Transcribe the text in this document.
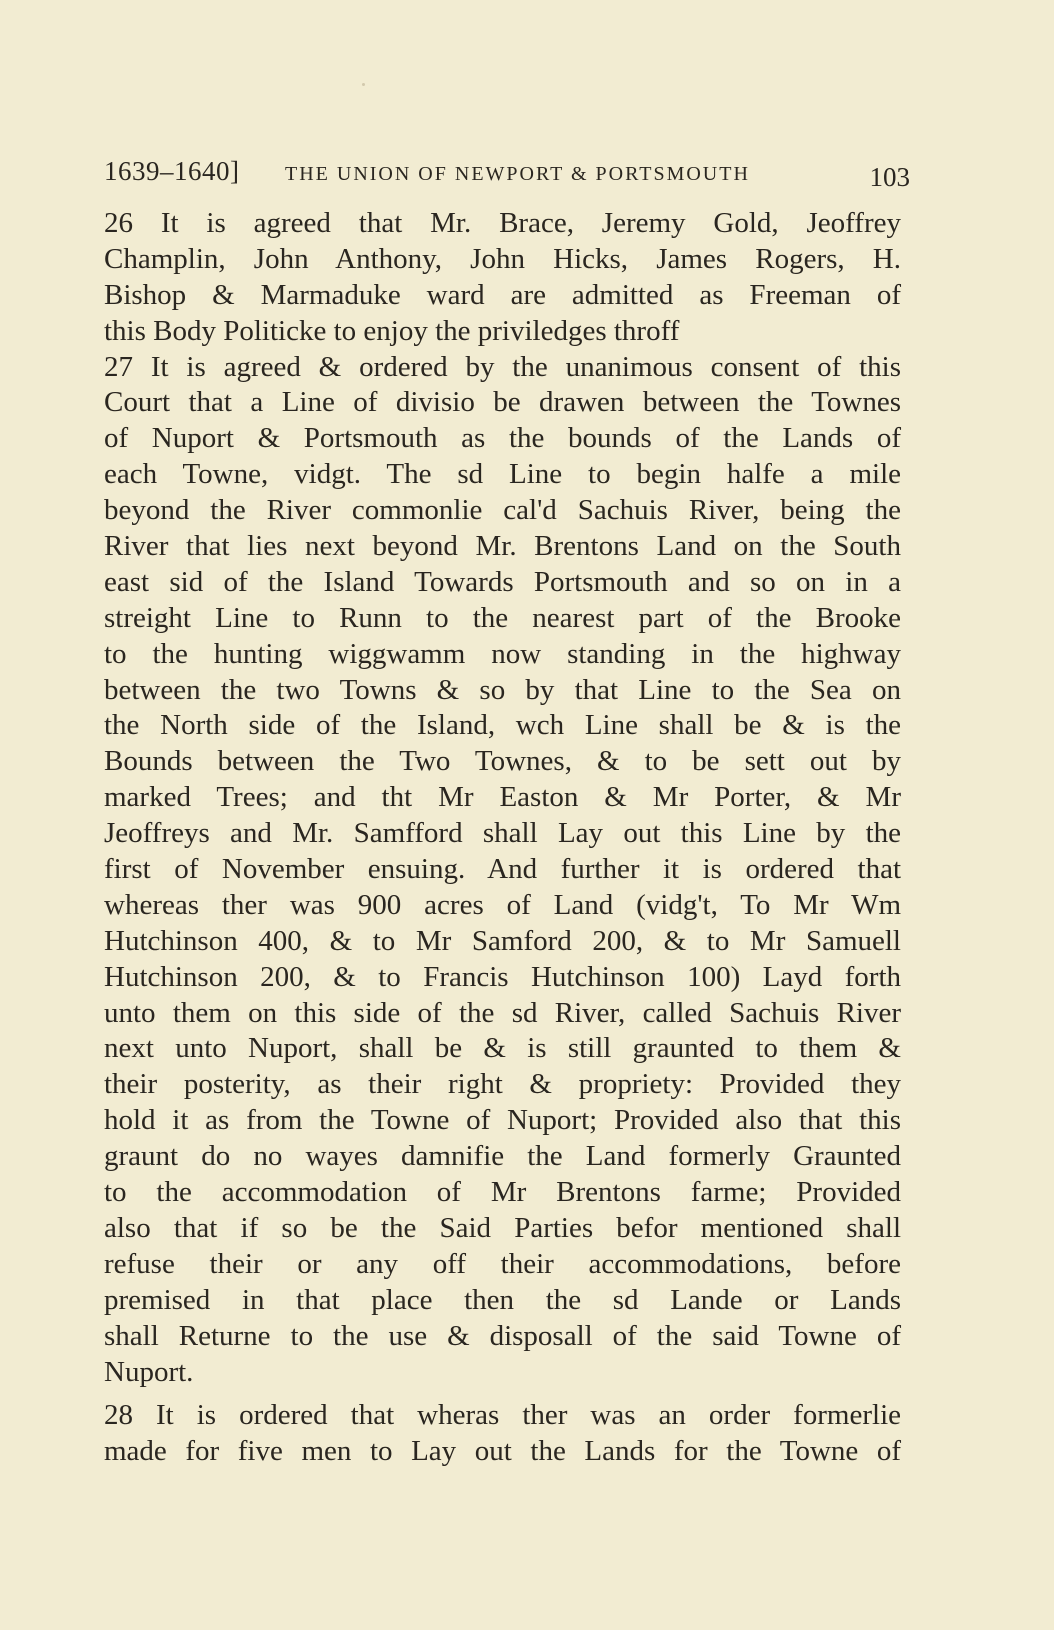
1639–1640] THE UNION OF NEWPORT & PORTSMOUTH	103
26 It is agreed that Mr. Brace, Jeremy Gold, Jeoffrey
Champlin, John Anthony, John Hicks, James Rogers, H.
Bishop & Marmaduke ward are admitted as Freeman of
this Body Politicke to enjoy the priviledges throff
27 It is agreed & ordered by the unanimous consent of this
Court that a Line of divisio be drawen between the Townes
of Nuport & Portsmouth as the bounds of the Lands of
each Towne, vidgt. The sd Line to begin halfe a mile
beyond the River commonlie cal'd Sachuis River, being the
River that lies next beyond Mr. Brentons Land on the South
east sid of the Island Towards Portsmouth and so on in a
streight Line to Runn to the nearest part of the Brooke
to the hunting wiggwamm now standing in the highway
between the two Towns & so by that Line to the Sea on
the North side of the Island, wch Line shall be & is the
Bounds between the Two Townes, & to be sett out by
marked Trees; and tht Mr Easton & Mr Porter, & Mr
Jeoffreys and Mr. Samfford shall Lay out this Line by the
first of November ensuing. And further it is ordered that
whereas ther was 900 acres of Land (vidg't, To Mr Wm
Hutchinson 400, & to Mr Samford 200, & to Mr Samuell
Hutchinson 200, & to Francis Hutchinson 100) Layd forth
unto them on this side of the sd River, called Sachuis River
next unto Nuport, shall be & is still graunted to them &
their posterity, as their right & propriety: Provided they
hold it as from the Towne of Nuport; Provided also that this
graunt do no wayes damnifie the Land formerly Graunted
to the accommodation of Mr Brentons farme; Provided
also that if so be the Said Parties befor mentioned shall
refuse their or any off their accommodations, before
premised in that place then the sd Lande or Lands
shall Returne to the use & disposall of the said Towne of
Nuport.
28 It is ordered that wheras ther was an order formerlie
made for five men to Lay out the Lands for the Towne of
